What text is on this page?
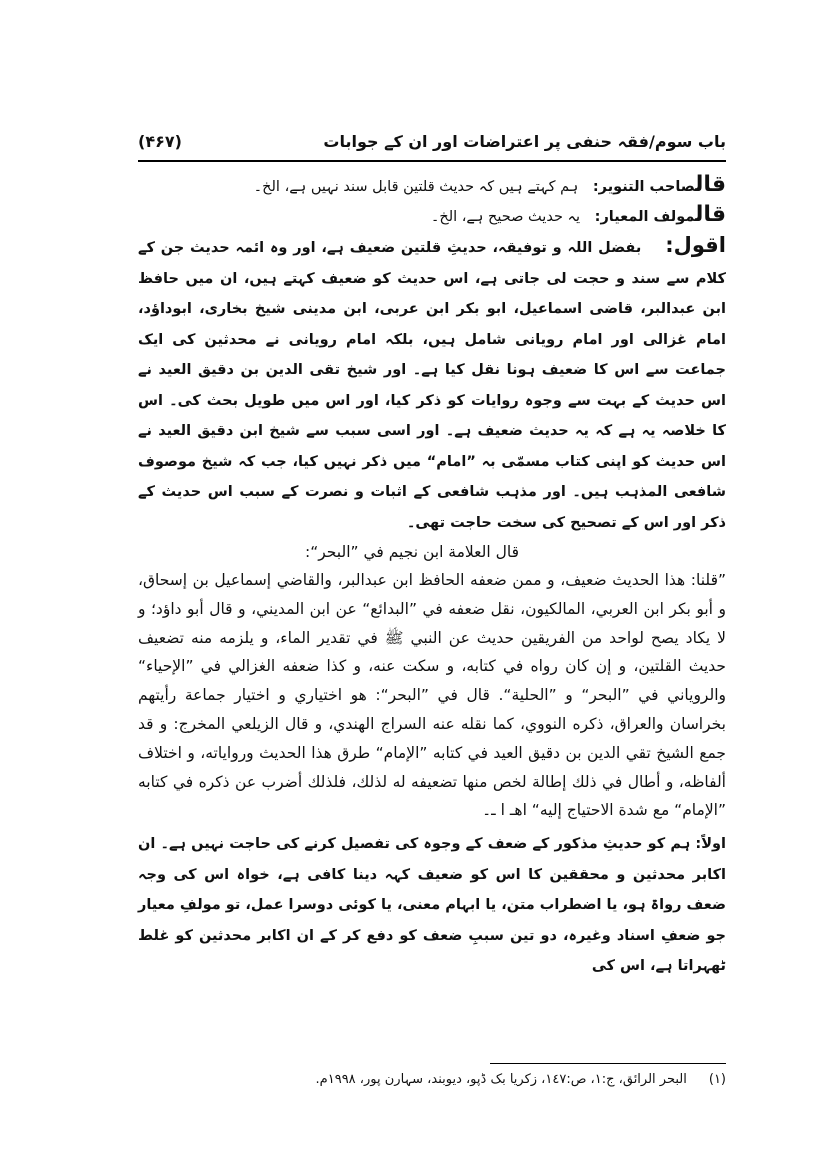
باب سوم/فقہ حنفی پر اعتراضات اور ان کے جوابات
(۴۶۷)
قالصاحب التنویر: ہم کہتے ہیں کہ حدیث قلتین قابل سند نہیں ہے، الخ۔
قالمولف المعیار: یہ حدیث صحیح ہے، الخ۔
اقول:بفضل اللہ و توفیقہ، حدیثِ قلتین ضعیف ہے، اور وہ ائمہ حدیث جن کے کلام سے سند و حجت لی جاتی ہے، اس حدیث کو ضعیف کہتے ہیں، ان میں حافظ ابن عبدالبر، قاضی اسماعیل، ابو بکر ابن عربی، ابن مدینی شیخ بخاری، ابوداؤد، امام غزالی اور امام رویانی شامل ہیں، بلکہ امام رویانی نے محدثین کی ایک جماعت سے اس کا ضعیف ہونا نقل کیا ہے۔ اور شیخ تقی الدین بن دقیق العید نے اس حدیث کے بہت سے وجوہ روایات کو ذکر کیا، اور اس میں طویل بحث کی۔ اس کا خلاصہ یہ ہے کہ یہ حدیث ضعیف ہے۔ اور اسی سبب سے شیخ ابن دقیق العید نے اس حدیث کو اپنی کتاب مسمّی بہ ”امام“ میں ذکر نہیں کیا، جب کہ شیخ موصوف شافعی المذہب ہیں۔ اور مذہب شافعی کے اثبات و نصرت کے سبب اس حدیث کے ذکر اور اس کے تصحیح کی سخت حاجت تھی۔
قال العلامة ابن نجيم في ”البحر“:
”قلنا: هذا الحديث ضعيف، و ممن ضعفه الحافظ ابن عبدالبر، والقاضي إسماعيل بن إسحاق، و أبو بكر ابن العربي، المالكيون، نقل ضعفه في ”البدائع“ عن ابن المديني، و قال أبو داؤد؛ و لا يكاد يصح لواحد من الفريقين حديث عن النبي ﷺ في تقدير الماء، و يلزمه منه تضعيف حديث القلتين، و إن كان رواه في كتابه، و سكت عنه، و كذا ضعفه الغزالي في ”الإحياء“ والروياني في ”البحر“ و ”الحلية“. قال في ”البحر“: هو اختياري و اختيار جماعة رأيتهم بخراسان والعراق، ذكره النووي، كما نقله عنه السراج الهندي، و قال الزيلعي المخرج: و قد جمع الشيخ تقي الدين بن دقيق العيد في كتابه ”الإمام“ طرق هذا الحديث ورواياته، و اختلاف ألفاظه، و أطال في ذلك إطالة لخص منها تضعيفه له لذلك، فلذلك أضرب عن ذكره في كتابه ”الإمام“ مع شدة الاحتياج إليه“ اهـ ا ـ۔
اولاً: ہم کو حدیثِ مذکور کے ضعف کے وجوہ کی تفصیل کرنے کی حاجت نہیں ہے۔ ان اکابر محدثین و محققین کا اس کو ضعیف کہہ دینا کافی ہے، خواہ اس کی وجہ ضعف رواۃ ہو، یا اضطراب متن، یا ابہام معنی، یا کوئی دوسرا عمل، تو مولفِ معیار جو ضعفِ اسناد وغیرہ، دو تین سببِ ضعف کو دفع کر کے ان اکابر محدثین کو غلط ٹھہراتا ہے، اس کی
(۱)البحر الرائق، ج:۱، ص:۱٤۷، زکریا بک ڈپو، دیوبند، سہارن پور، ۱۹۹۸م.
